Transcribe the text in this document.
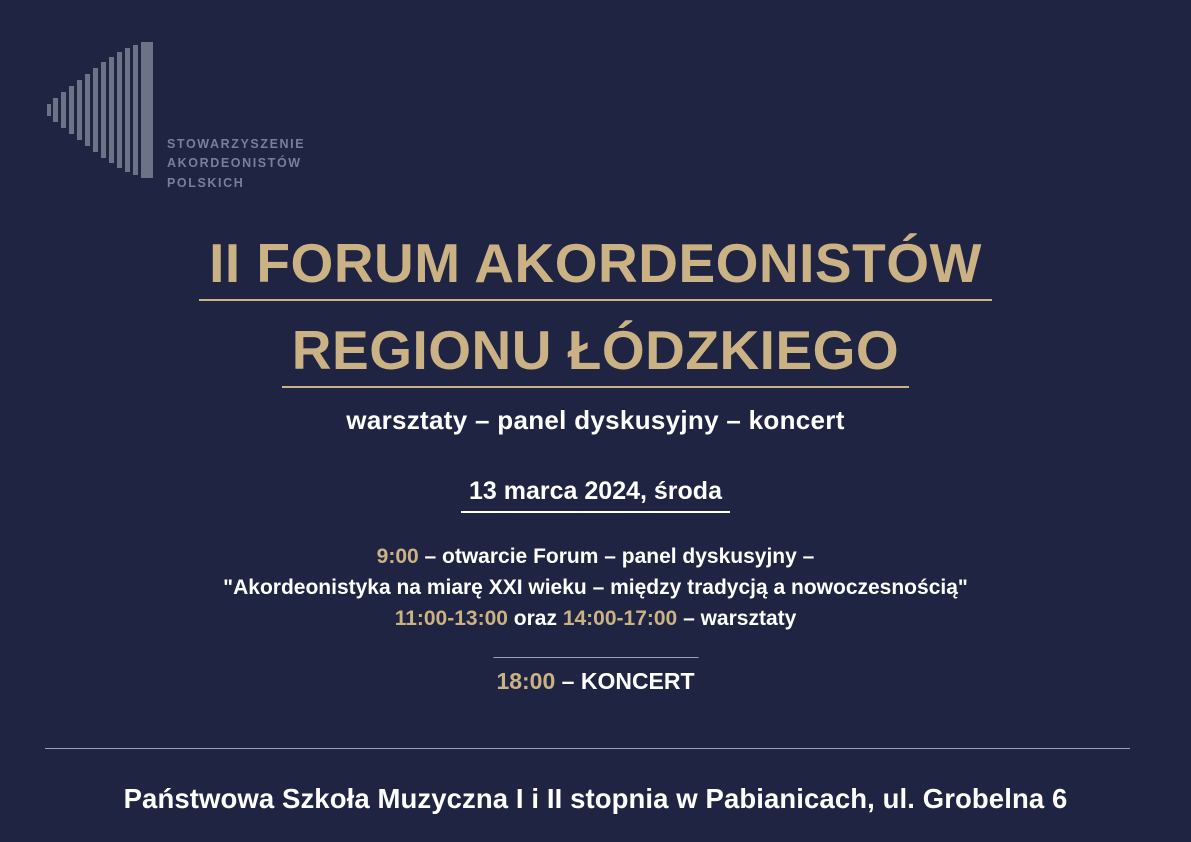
STOWARZYSZENIE
AKORDEONISTÓW
POLSKICH
II FORUM AKORDEONISTÓW REGIONU ŁÓDZKIEGO
warsztaty – panel dyskusyjny – koncert
13 marca 2024, środa
9:00 – otwarcie Forum – panel dyskusyjny –
"Akordeonistyka na miarę XXI wieku – między tradycją a nowoczesnością"
11:00-13:00 oraz 14:00-17:00 – warsztaty
18:00 – KONCERT
Państwowa Szkoła Muzyczna I i II stopnia w Pabianicach, ul. Grobelna 6
